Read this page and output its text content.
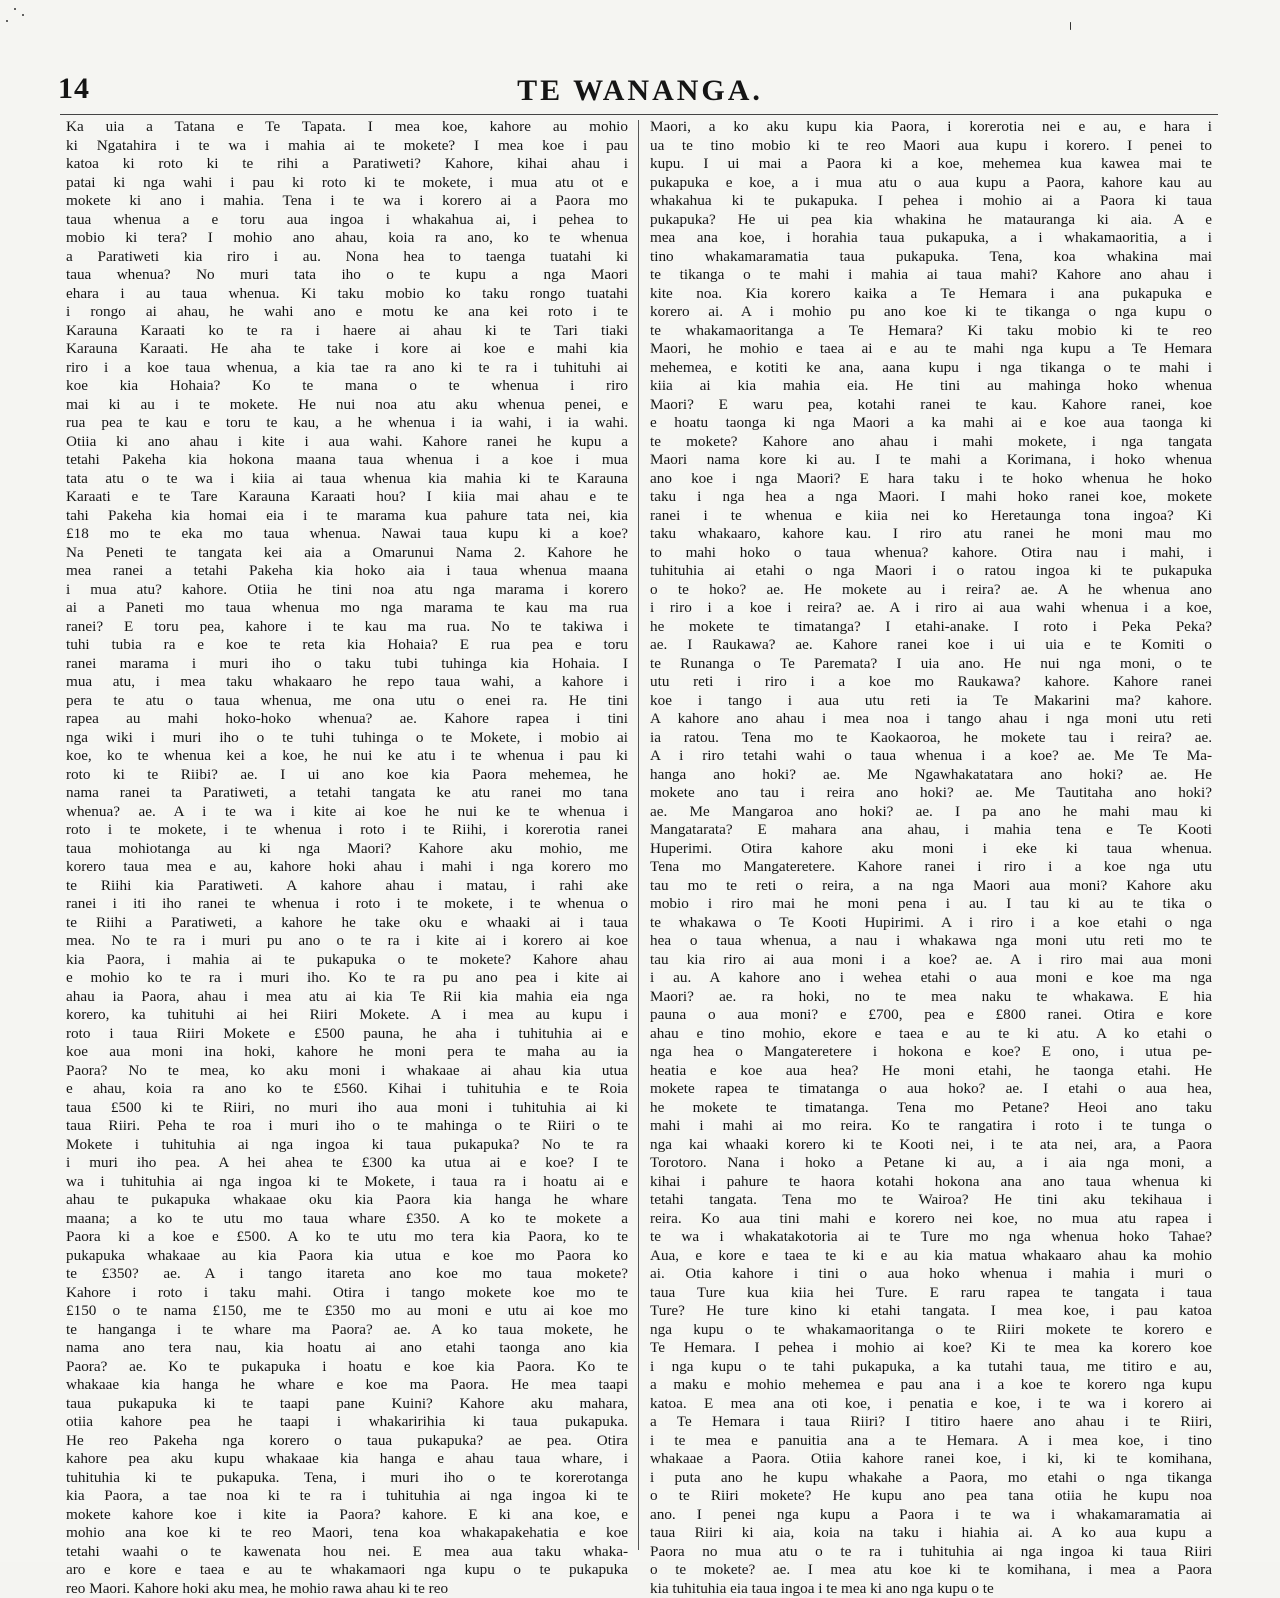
14	TE WANANGA.
Ka uia a Tatana e Te Tapata. I mea koe, kahore au mohio
ki Ngatahira i te wa i mahia ai te mokete? I mea koe i pau
katoa ki roto ki te rihi a Paratiweti? Kahore, kihai ahau i
patai ki nga wahi i pau ki roto ki te mokete, i mua atu ot e
mokete ki ano i mahia. Tena i te wa i korero ai a Paora mo
taua whenua a e toru aua ingoa i whakahua ai, i pehea to
mobio ki tera? I mohio ano ahau, koia ra ano, ko te whenua
a Paratiweti kia riro i au. Nona hea to taenga tuatahi ki
taua whenua? No muri tata iho o te kupu a nga Maori
ehara i au taua whenua. Ki taku mobio ko taku rongo tuatahi
i rongo ai ahau, he wahi ano e motu ke ana kei roto i te
Karauna Karaati ko te ra i haere ai ahau ki te Tari tiaki
Karauna Karaati. He aha te take i kore ai koe e mahi kia
riro i a koe taua whenua, a kia tae ra ano ki te ra i tuhituhi ai
koe kia Hohaia? Ko te mana o te whenua i riro
mai ki au i te mokete. He nui noa atu aku whenua penei, e
rua pea te kau e toru te kau, a he whenua i ia wahi, i ia wahi.
Otiia ki ano ahau i kite i aua wahi. Kahore ranei he kupu a
tetahi Pakeha kia hokona maana taua whenua i a koe i mua
tata atu o te wa i kiia ai taua whenua kia mahia ki te Karauna
Karaati e te Tare Karauna Karaati hou? I kiia mai ahau e te
tahi Pakeha kia homai eia i te marama kua pahure tata nei, kia
£18 mo te eka mo taua whenua. Nawai taua kupu ki a koe?
Na Peneti te tangata kei aia a Omarunui Nama 2. Kahore he
mea ranei a tetahi Pakeha kia hoko aia i taua whenua maana
i mua atu? kahore. Otiia he tini noa atu nga marama i korero
ai a Paneti mo taua whenua mo nga marama te kau ma rua
ranei? E toru pea, kahore i te kau ma rua. No te takiwa i
tuhi tubia ra e koe te reta kia Hohaia? E rua pea e toru
ranei marama i muri iho o taku tubi tuhinga kia Hohaia. I
mua atu, i mea taku whakaaro he repo taua wahi, a kahore i
pera te atu o taua whenua, me ona utu o enei ra. He tini
rapea au mahi hoko-hoko whenua? ae. Kahore rapea i tini
nga wiki i muri iho o te tuhi tuhinga o te Mokete, i mobio ai
koe, ko te whenua kei a koe, he nui ke atu i te whenua i pau ki
roto ki te Riibi? ae. I ui ano koe kia Paora mehemea, he
nama ranei ta Paratiweti, a tetahi tangata ke atu ranei mo tana
whenua? ae. A i te wa i kite ai koe he nui ke te whenua i
roto i te mokete, i te whenua i roto i te Riihi, i korerotia ranei
taua mohiotanga au ki nga Maori? Kahore aku mohio, me
korero taua mea e au, kahore hoki ahau i mahi i nga korero mo
te Riihi kia Paratiweti. A kahore ahau i matau, i rahi ake
ranei i iti iho ranei te whenua i roto i te mokete, i te whenua o
te Riihi a Paratiweti, a kahore he take oku e whaaki ai i taua
mea. No te ra i muri pu ano o te ra i kite ai i korero ai koe
kia Paora, i mahia ai te pukapuka o te mokete? Kahore ahau
e mohio ko te ra i muri iho. Ko te ra pu ano pea i kite ai
ahau ia Paora, ahau i mea atu ai kia Te Rii kia mahia eia nga
korero, ka tuhituhi ai hei Riiri Mokete. A i mea au kupu i
roto i taua Riiri Mokete e £500 pauna, he aha i tuhituhia ai e
koe aua moni ina hoki, kahore he moni pera te maha au ia
Paora? No te mea, ko aku moni i whakaae ai ahau kia utua
e ahau, koia ra ano ko te £560. Kihai i tuhituhia e te Roia
taua £500 ki te Riiri, no muri iho aua moni i tuhituhia ai ki
taua Riiri. Peha te roa i muri iho o te mahinga o te Riiri o te
Mokete i tuhituhia ai nga ingoa ki taua pukapuka? No te ra
i muri iho pea. A hei ahea te £300 ka utua ai e koe? I te
wa i tuhituhia ai nga ingoa ki te Mokete, i taua ra i hoatu ai e
ahau te pukapuka whakaae oku kia Paora kia hanga he whare
maana; a ko te utu mo taua whare £350. A ko te mokete a
Paora ki a koe e £500. A ko te utu mo tera kia Paora, ko te
pukapuka whakaae au kia Paora kia utua e koe mo Paora ko
te £350? ae. A i tango itareta ano koe mo taua mokete?
Kahore i roto i taku mahi. Otira i tango mokete koe mo te
£150 o te nama £150, me te £350 mo au moni e utu ai koe mo
te hanganga i te whare ma Paora? ae. A ko taua mokete, he
nama ano tera nau, kia hoatu ai ano etahi taonga ano kia
Paora? ae. Ko te pukapuka i hoatu e koe kia Paora. Ko te
whakaae kia hanga he whare e koe ma Paora. He mea taapi
taua pukapuka ki te taapi pane Kuini? Kahore aku mahara,
otiia kahore pea he taapi i whakaririhia ki taua pukapuka.
He reo Pakeha nga korero o taua pukapuka? ae pea. Otira
kahore pea aku kupu whakaae kia hanga e ahau taua whare, i
tuhituhia ki te pukapuka. Tena, i muri iho o te korerotanga
kia Paora, a tae noa ki te ra i tuhituhia ai nga ingoa ki te
mokete kahore koe i kite ia Paora? kahore. E ki ana koe, e
mohio ana koe ki te reo Maori, tena koa whakapakehatia e koe
tetahi waahi o te kawenata hou nei. E mea aua taku whaka-
aro e kore e taea e au te whakamaori nga kupu o te pukapuka
reo Maori. Kahore hoki aku mea, he mohio rawa ahau ki te reo
Maori, a ko aku kupu kia Paora, i korerotia nei e au, e hara i
ua te tino mobio ki te reo Maori aua kupu i korero. I penei to
kupu. I ui mai a Paora ki a koe, mehemea kua kawea mai te
pukapuka e koe, a i mua atu o aua kupu a Paora, kahore kau au
whakahua ki te pukapuka. I pehea i mohio ai a Paora ki taua
pukapuka? He ui pea kia whakina he matauranga ki aia. A e
mea ana koe, i horahia taua pukapuka, a i whakamaoritia, a i
tino whakamaramatia taua pukapuka. Tena, koa whakina mai
te tikanga o te mahi i mahia ai taua mahi? Kahore ano ahau i
kite noa. Kia korero kaika a Te Hemara i ana pukapuka e
korero ai. A i mohio pu ano koe ki te tikanga o nga kupu o
te whakamaoritanga a Te Hemara? Ki taku mobio ki te reo
Maori, he mohio e taea ai e au te mahi nga kupu a Te Hemara
mehemea, e kotiti ke ana, aana kupu i nga tikanga o te mahi i
kiia ai kia mahia eia. He tini au mahinga hoko whenua
Maori? E waru pea, kotahi ranei te kau. Kahore ranei, koe
e hoatu taonga ki nga Maori a ka mahi ai e koe aua taonga ki
te mokete? Kahore ano ahau i mahi mokete, i nga tangata
Maori nama kore ki au. I te mahi a Korimana, i hoko whenua
ano koe i nga Maori? E hara taku i te hoko whenua he hoko
taku i nga hea a nga Maori. I mahi hoko ranei koe, mokete
ranei i te whenua e kiia nei ko Heretaunga tona ingoa? Ki
taku whakaaro, kahore kau. I riro atu ranei he moni mau mo
to mahi hoko o taua whenua? kahore. Otira nau i mahi, i
tuhituhia ai etahi o nga Maori i o ratou ingoa ki te pukapuka
o te hoko? ae. He mokete au i reira? ae. A he whenua ano
i riro i a koe i reira? ae. A i riro ai aua wahi whenua i a koe,
he mokete te timatanga? I etahi-anake. I roto i Peka Peka?
ae. I Raukawa? ae. Kahore ranei koe i ui uia e te Komiti o
te Runanga o Te Paremata? I uia ano. He nui nga moni, o te
utu reti i riro i a koe mo Raukawa? kahore. Kahore ranei
koe i tango i aua utu reti ia Te Makarini ma? kahore.
A kahore ano ahau i mea noa i tango ahau i nga moni utu reti
ia ratou. Tena mo te Kaokaoroa, he mokete tau i reira? ae.
A i riro tetahi wahi o taua whenua i a koe? ae. Me Te Ma-
hanga ano hoki? ae. Me Ngawhakatatara ano hoki? ae. He
mokete ano tau i reira ano hoki? ae. Me Tautitaha ano hoki?
ae. Me Mangaroa ano hoki? ae. I pa ano he mahi mau ki
Mangatarata? E mahara ana ahau, i mahia tena e Te Kooti
Huperimi. Otira kahore aku moni i eke ki taua whenua.
Tena mo Mangateretere. Kahore ranei i riro i a koe nga utu
tau mo te reti o reira, a na nga Maori aua moni? Kahore aku
mobio i riro mai he moni pena i au. I tau ki au te tika o
te whakawa o Te Kooti Hupirimi. A i riro i a koe etahi o nga
hea o taua whenua, a nau i whakawa nga moni utu reti mo te
tau kia riro ai aua moni i a koe? ae. A i riro mai aua moni
i au. A kahore ano i wehea etahi o aua moni e koe ma nga
Maori? ae. ra hoki, no te mea naku te whakawa. E hia
pauna o aua moni? e £700, pea e £800 ranei. Otira e kore
ahau e tino mohio, ekore e taea e au te ki atu. A ko etahi o
nga hea o Mangateretere i hokona e koe? E ono, i utua pe-
heatia e koe aua hea? He moni etahi, he taonga etahi. He
mokete rapea te timatanga o aua hoko? ae. I etahi o aua hea,
he mokete te timatanga. Tena mo Petane? Heoi ano taku
mahi i mahi ai mo reira. Ko te rangatira i roto i te tunga o
nga kai whaaki korero ki te Kooti nei, i te ata nei, ara, a Paora
Torotoro. Nana i hoko a Petane ki au, a i aia nga moni, a
kihai i pahure te haora kotahi hokona ana ano taua whenua ki
tetahi tangata. Tena mo te Wairoa? He tini aku tekihaua i
reira. Ko aua tini mahi e korero nei koe, no mua atu rapea i
te wa i whakatakotoria ai te Ture mo nga whenua hoko Tahae?
Aua, e kore e taea te ki e au kia matua whakaaro ahau ka mohio
ai. Otia kahore i tini o aua hoko whenua i mahia i muri o
taua Ture kua kiia hei Ture. E raru rapea te tangata i taua
Ture? He ture kino ki etahi tangata. I mea koe, i pau katoa
nga kupu o te whakamaoritanga o te Riiri mokete te korero e
Te Hemara. I pehea i mohio ai koe? Ki te mea ka korero koe
i nga kupu o te tahi pukapuka, a ka tutahi taua, me titiro e au,
a maku e mohio mehemea e pau ana i a koe te korero nga kupu
katoa. E mea ana oti koe, i penatia e koe, i te wa i korero ai
a Te Hemara i taua Riiri? I titiro haere ano ahau i te Riiri,
i te mea e panuitia ana a te Hemara. A i mea koe, i tino
whakaae a Paora. Otiia kahore ranei koe, i ki, ki te komihana,
i puta ano he kupu whakahe a Paora, mo etahi o nga tikanga
o te Riiri mokete? He kupu ano pea tana otiia he kupu noa
ano. I penei nga kupu a Paora i te wa i whakamaramatia ai
taua Riiri ki aia, koia na taku i hiahia ai. A ko aua kupu a
Paora no mua atu o te ra i tuhituhia ai nga ingoa ki taua Riiri
o te mokete? ae. I mea atu koe ki te komihana, i mea a Paora
kia tuhituhia eia taua ingoa i te mea ki ano nga kupu o te
